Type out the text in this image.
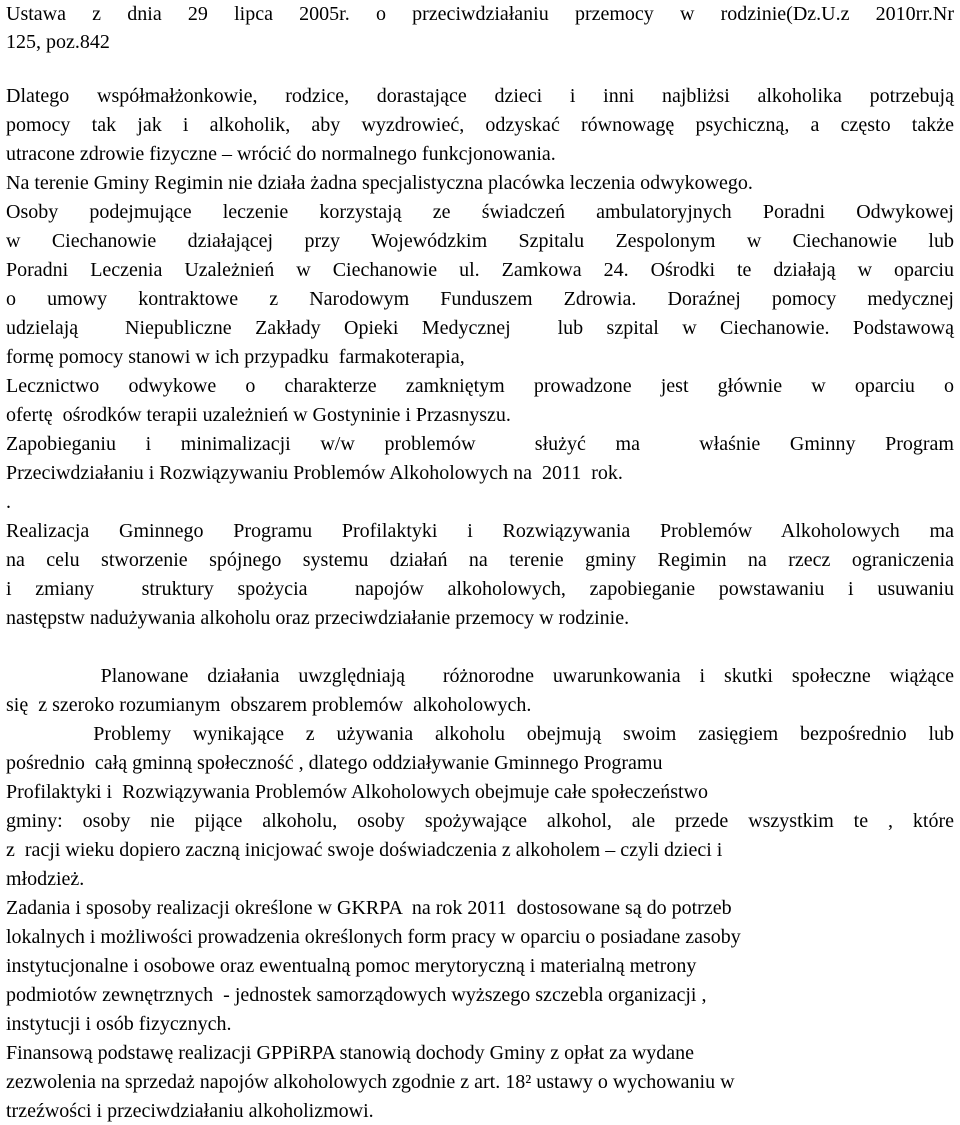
Ustawa z dnia 29 lipca 2005r. o przeciwdziałaniu przemocy w rodzinie(Dz.U.z 2010rr.Nr
125, poz.842
Dlatego współmałżonkowie, rodzice, dorastające dzieci i inni najbliżsi alkoholika potrzebują
pomocy tak jak i alkoholik, aby wyzdrowieć, odzyskać równowagę psychiczną, a często także
utracone zdrowie fizyczne – wrócić do normalnego funkcjonowania.
Na terenie Gminy Regimin nie działa żadna specjalistyczna placówka leczenia odwykowego.
Osoby podejmujące leczenie korzystają ze świadczeń ambulatoryjnych Poradni Odwykowej
w Ciechanowie działającej przy Wojewódzkim Szpitalu Zespolonym w Ciechanowie lub
Poradni Leczenia Uzależnień w Ciechanowie ul. Zamkowa 24. Ośrodki te działają w oparciu
o umowy kontraktowe z Narodowym Funduszem Zdrowia. Doraźnej pomocy medycznej
udzielają  Niepubliczne Zakłady Opieki Medycznej  lub szpital w Ciechanowie. Podstawową
formę pomocy stanowi w ich przypadku  farmakoterapia,
Lecznictwo odwykowe o charakterze zamkniętym prowadzone jest głównie w oparciu o
ofertę  ośrodków terapii uzależnień w Gostyninie i Przasnyszu.
Zapobieganiu i minimalizacji w/w problemów  służyć ma  właśnie Gminny Program
Przeciwdziałaniu i Rozwiązywaniu Problemów Alkoholowych na  2011  rok.
.
Realizacja Gminnego Programu Profilaktyki i Rozwiązywania Problemów Alkoholowych ma
na celu stworzenie spójnego systemu działań na terenie gminy Regimin na rzecz ograniczenia
i zmiany  struktury spożycia  napojów alkoholowych, zapobieganie powstawaniu i usuwaniu
następstw nadużywania alkoholu oraz przeciwdziałanie przemocy w rodzinie.
Planowane działania uwzględniają  różnorodne uwarunkowania i skutki społeczne wiążące
się  z szeroko rozumianym  obszarem problemów  alkoholowych.
Problemy wynikające z używania alkoholu obejmują swoim zasięgiem bezpośrednio lub
pośrednio  całą gminną społeczność , dlatego oddziaływanie Gminnego Programu
Profilaktyki i  Rozwiązywania Problemów Alkoholowych obejmuje całe społeczeństwo
gminy: osoby nie pijące alkoholu, osoby spożywające alkohol, ale przede wszystkim te , które
z  racji wieku dopiero zaczną inicjować swoje doświadczenia z alkoholem – czyli dzieci i
młodzież.
Zadania i sposoby realizacji określone w GKRPA  na rok 2011  dostosowane są do potrzeb
lokalnych i możliwości prowadzenia określonych form pracy w oparciu o posiadane zasoby
instytucjonalne i osobowe oraz ewentualną pomoc merytoryczną i materialną metrony
podmiotów zewnętrznych  - jednostek samorządowych wyższego szczebla organizacji ,
instytucji i osób fizycznych.
Finansową podstawę realizacji GPPiRPA stanowią dochody Gminy z opłat za wydane
zezwolenia na sprzedaż napojów alkoholowych zgodnie z art. 18² ustawy o wychowaniu w
trzeźwości i przeciwdziałaniu alkoholizmowi.
